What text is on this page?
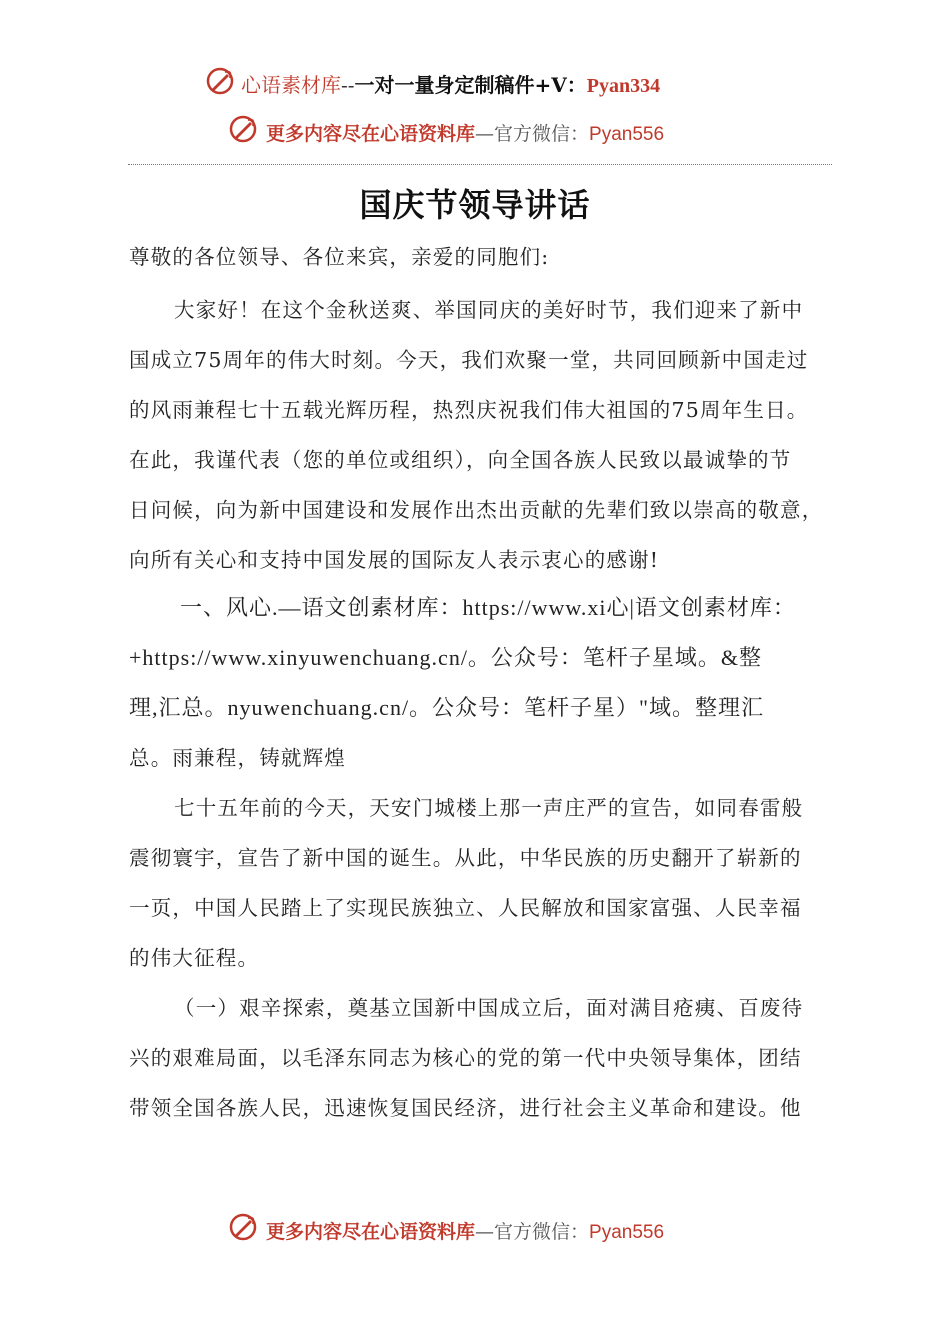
心语素材库--一对一量身定制稿件+V：Pyan334
更多内容尽在心语资料库—官方微信：Pyan556
国庆节领导讲话
尊敬的各位领导、各位来宾，亲爱的同胞们:
大家好！在这个金秋送爽、举国同庆的美好时节，我们迎来了新中
国成立75周年的伟大时刻。今天，我们欢聚一堂，共同回顾新中国走过
的风雨兼程七十五载光辉历程，热烈庆祝我们伟大祖国的75周年生日。
在此，我谨代表（您的单位或组织），向全国各族人民致以最诚挚的节
日问候，向为新中国建设和发展作出杰出贡献的先辈们致以崇高的敬意，
向所有关心和支持中国发展的国际友人表示衷心的感谢!
一、风心.—语文创素材库：https://www.xi心|语文创素材库：
+https://www.xinyuwenchuang.cn/。公众号：笔杆子星域。&整
理,汇总。nyuwenchuang.cn/。公众号：笔杆子星）"域。整理汇
总。雨兼程，铸就辉煌
七十五年前的今天，天安门城楼上那一声庄严的宣告，如同春雷般
震彻寰宇，宣告了新中国的诞生。从此，中华民族的历史翻开了崭新的
一页，中国人民踏上了实现民族独立、人民解放和国家富强、人民幸福
的伟大征程。
（一）艰辛探索，奠基立国新中国成立后，面对满目疮痍、百废待
兴的艰难局面，以毛泽东同志为核心的党的第一代中央领导集体，团结
带领全国各族人民，迅速恢复国民经济，进行社会主义革命和建设。他
更多内容尽在心语资料库—官方微信：Pyan556
